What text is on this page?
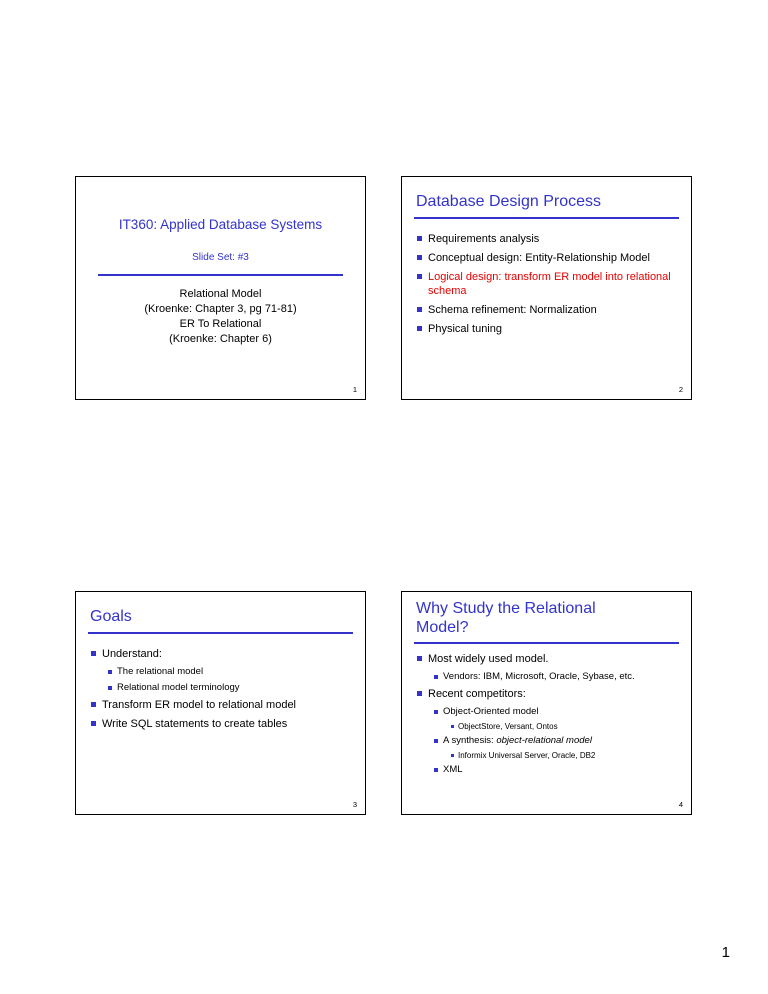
IT360: Applied Database Systems
Slide Set: #3
Relational Model
(Kroenke: Chapter 3, pg 71-81)
ER To Relational
(Kroenke: Chapter 6)
1
Database Design Process
Requirements analysis
Conceptual design: Entity-Relationship Model
Logical design: transform ER model into relational schema
Schema refinement: Normalization
Physical tuning
2
Goals
Understand:
The relational model
Relational model terminology
Transform ER model to relational model
Write SQL statements to create tables
3
Why Study the Relational Model?
Most widely used model.
Vendors: IBM, Microsoft, Oracle, Sybase, etc.
Recent competitors:
Object-Oriented model
ObjectStore, Versant, Ontos
A synthesis: object-relational model
Informix Universal Server, Oracle, DB2
XML
4
1
